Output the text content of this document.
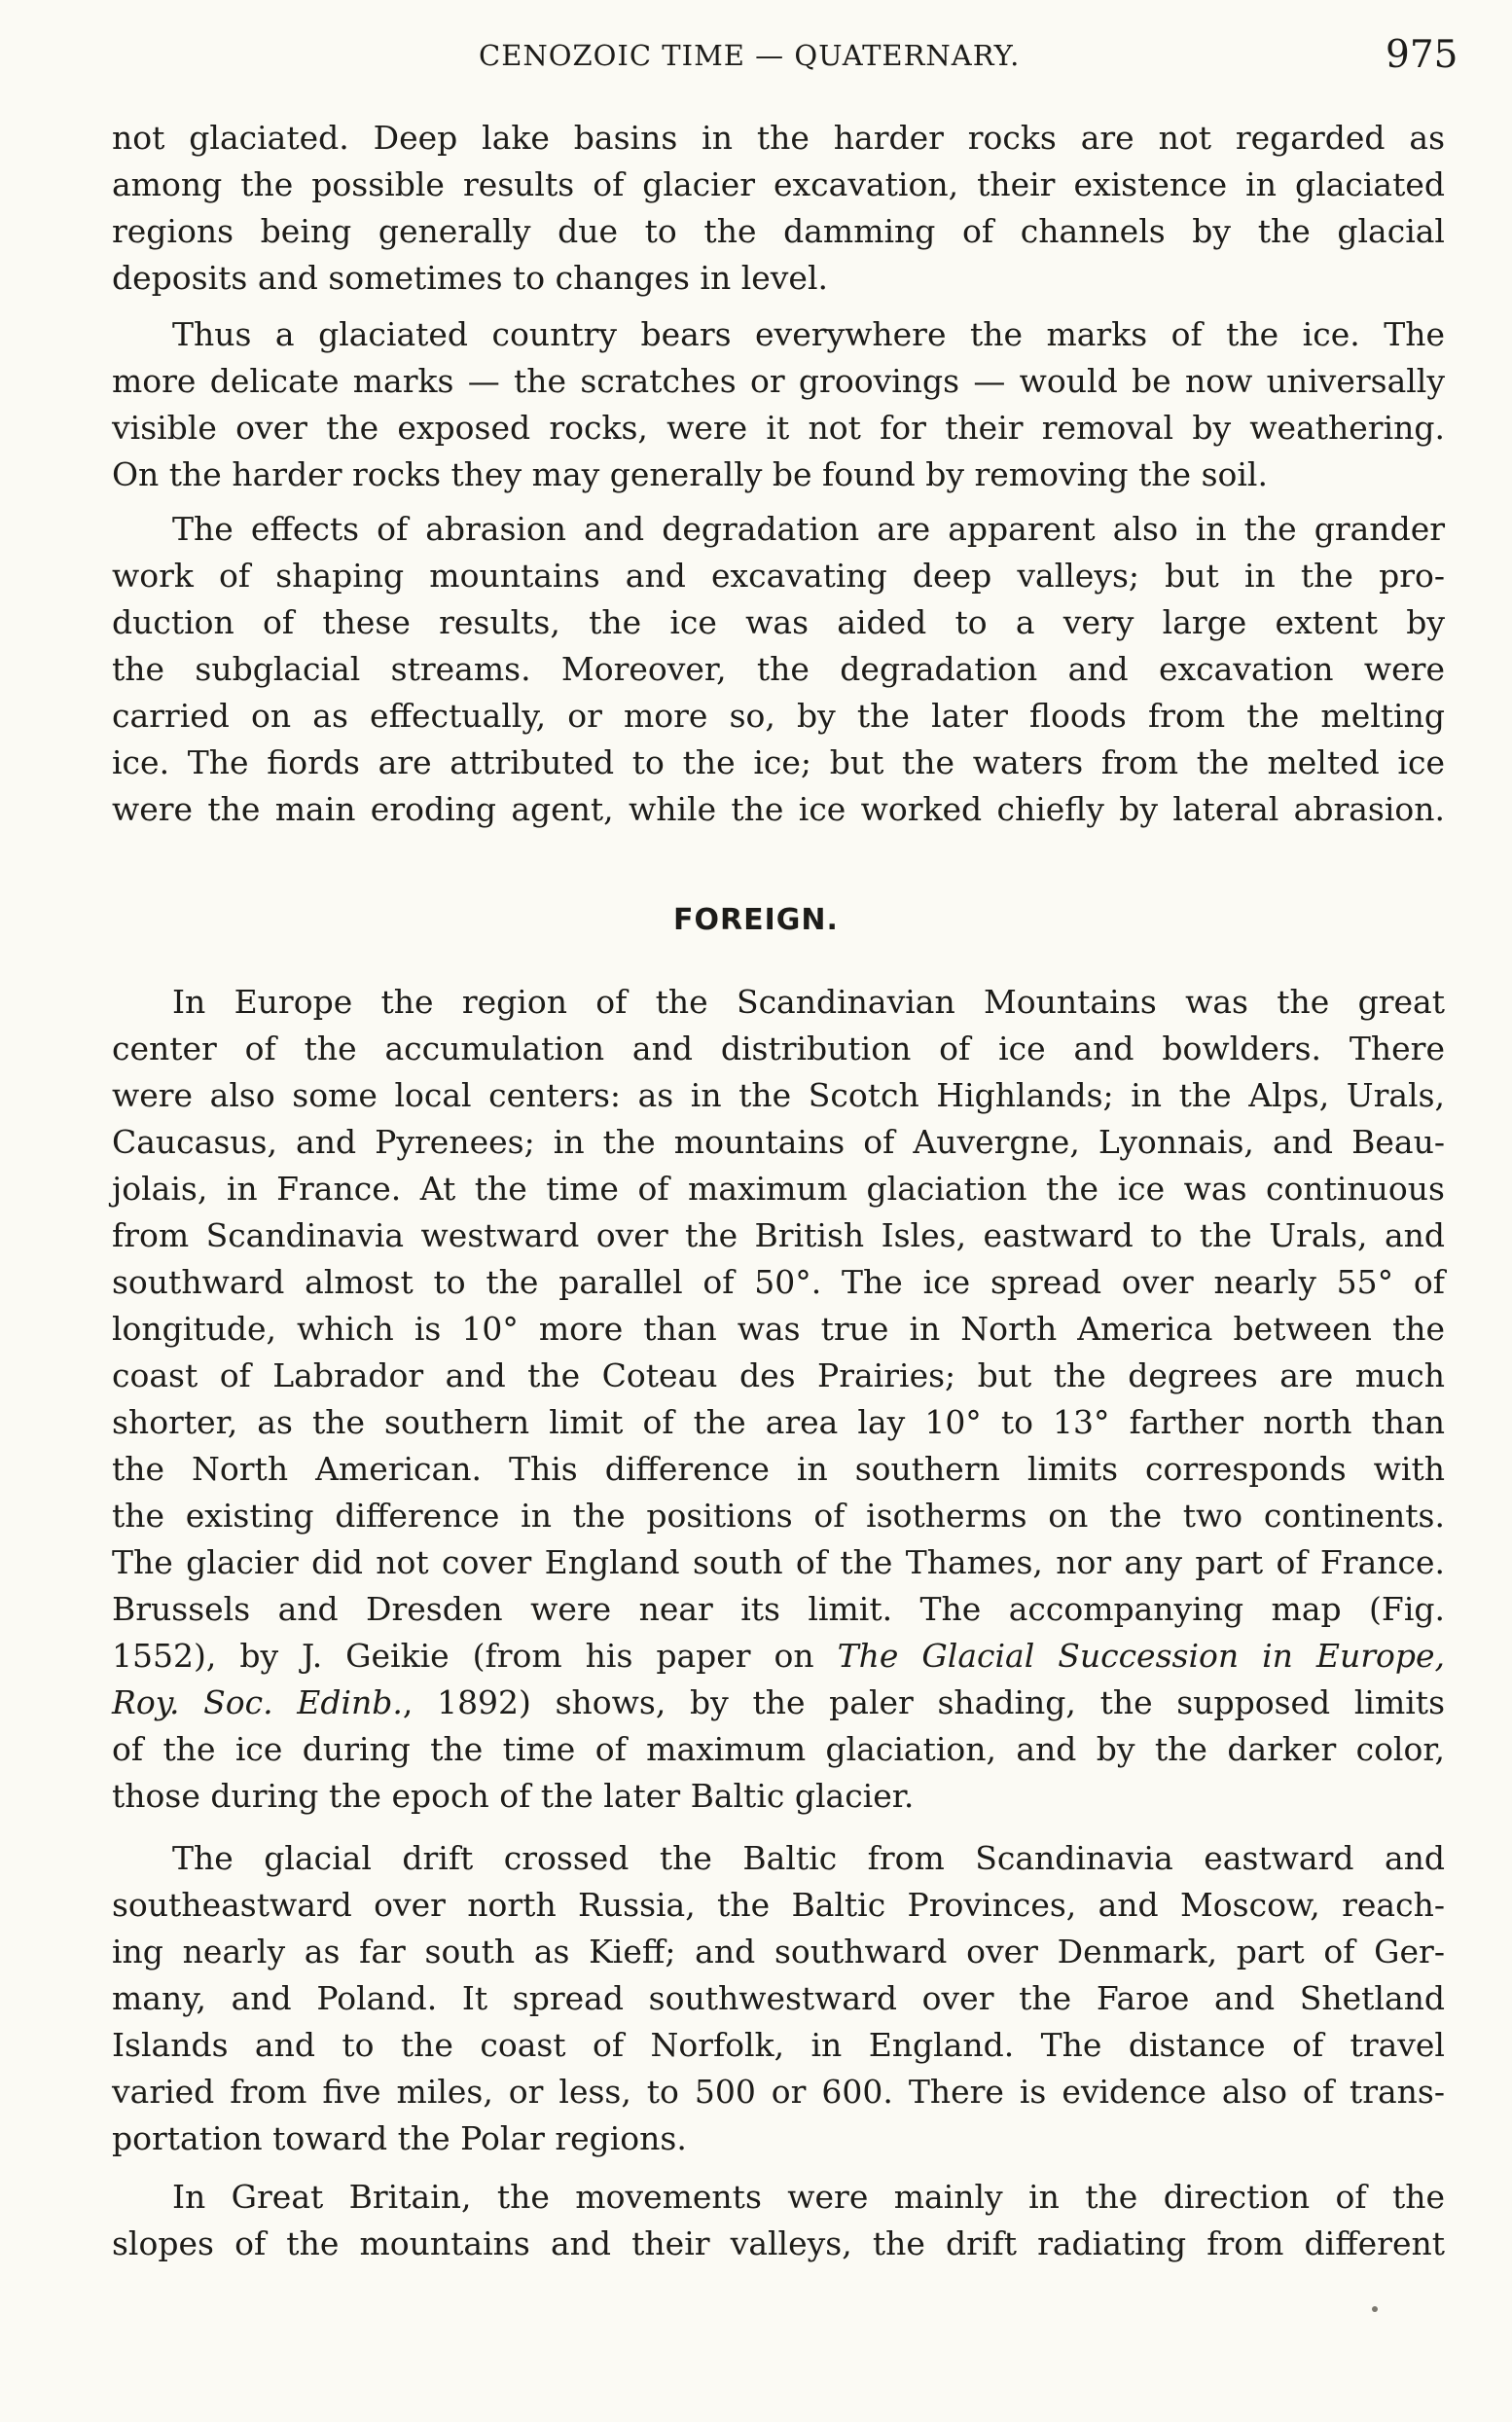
CENOZOIC TIME — QUATERNARY.	975
not glaciated. Deep lake basins in the harder rocks are not regarded as
among the possible results of glacier excavation, their existence in glaciated
regions being generally due to the damming of channels by the glacial
deposits and sometimes to changes in level.
Thus a glaciated country bears everywhere the marks of the ice. The
more delicate marks — the scratches or groovings — would be now universally
visible over the exposed rocks, were it not for their removal by weathering.
On the harder rocks they may generally be found by removing the soil.
The effects of abrasion and degradation are apparent also in the grander
work of shaping mountains and excavating deep valleys; but in the pro-
duction of these results, the ice was aided to a very large extent by
the subglacial streams. Moreover, the degradation and excavation were
carried on as effectually, or more so, by the later floods from the melting
ice. The fiords are attributed to the ice; but the waters from the melted ice
were the main eroding agent, while the ice worked chiefly by lateral abrasion.
FOREIGN.
In Europe the region of the Scandinavian Mountains was the great
center of the accumulation and distribution of ice and bowlders. There
were also some local centers: as in the Scotch Highlands; in the Alps, Urals,
Caucasus, and Pyrenees; in the mountains of Auvergne, Lyonnais, and Beau-
jolais, in France. At the time of maximum glaciation the ice was continuous
from Scandinavia westward over the British Isles, eastward to the Urals, and
southward almost to the parallel of 50°. The ice spread over nearly 55° of
longitude, which is 10° more than was true in North America between the
coast of Labrador and the Coteau des Prairies; but the degrees are much
shorter, as the southern limit of the area lay 10° to 13° farther north than
the North American. This difference in southern limits corresponds with
the existing difference in the positions of isotherms on the two continents.
The glacier did not cover England south of the Thames, nor any part of France.
Brussels and Dresden were near its limit. The accompanying map (Fig.
1552), by J. Geikie (from his paper on The Glacial Succession in Europe,
Roy. Soc. Edinb., 1892) shows, by the paler shading, the supposed limits
of the ice during the time of maximum glaciation, and by the darker color,
those during the epoch of the later Baltic glacier.
The glacial drift crossed the Baltic from Scandinavia eastward and
southeastward over north Russia, the Baltic Provinces, and Moscow, reach-
ing nearly as far south as Kieff; and southward over Denmark, part of Ger-
many, and Poland. It spread southwestward over the Faroe and Shetland
Islands and to the coast of Norfolk, in England. The distance of travel
varied from five miles, or less, to 500 or 600. There is evidence also of trans-
portation toward the Polar regions.
In Great Britain, the movements were mainly in the direction of the
slopes of the mountains and their valleys, the drift radiating from different
